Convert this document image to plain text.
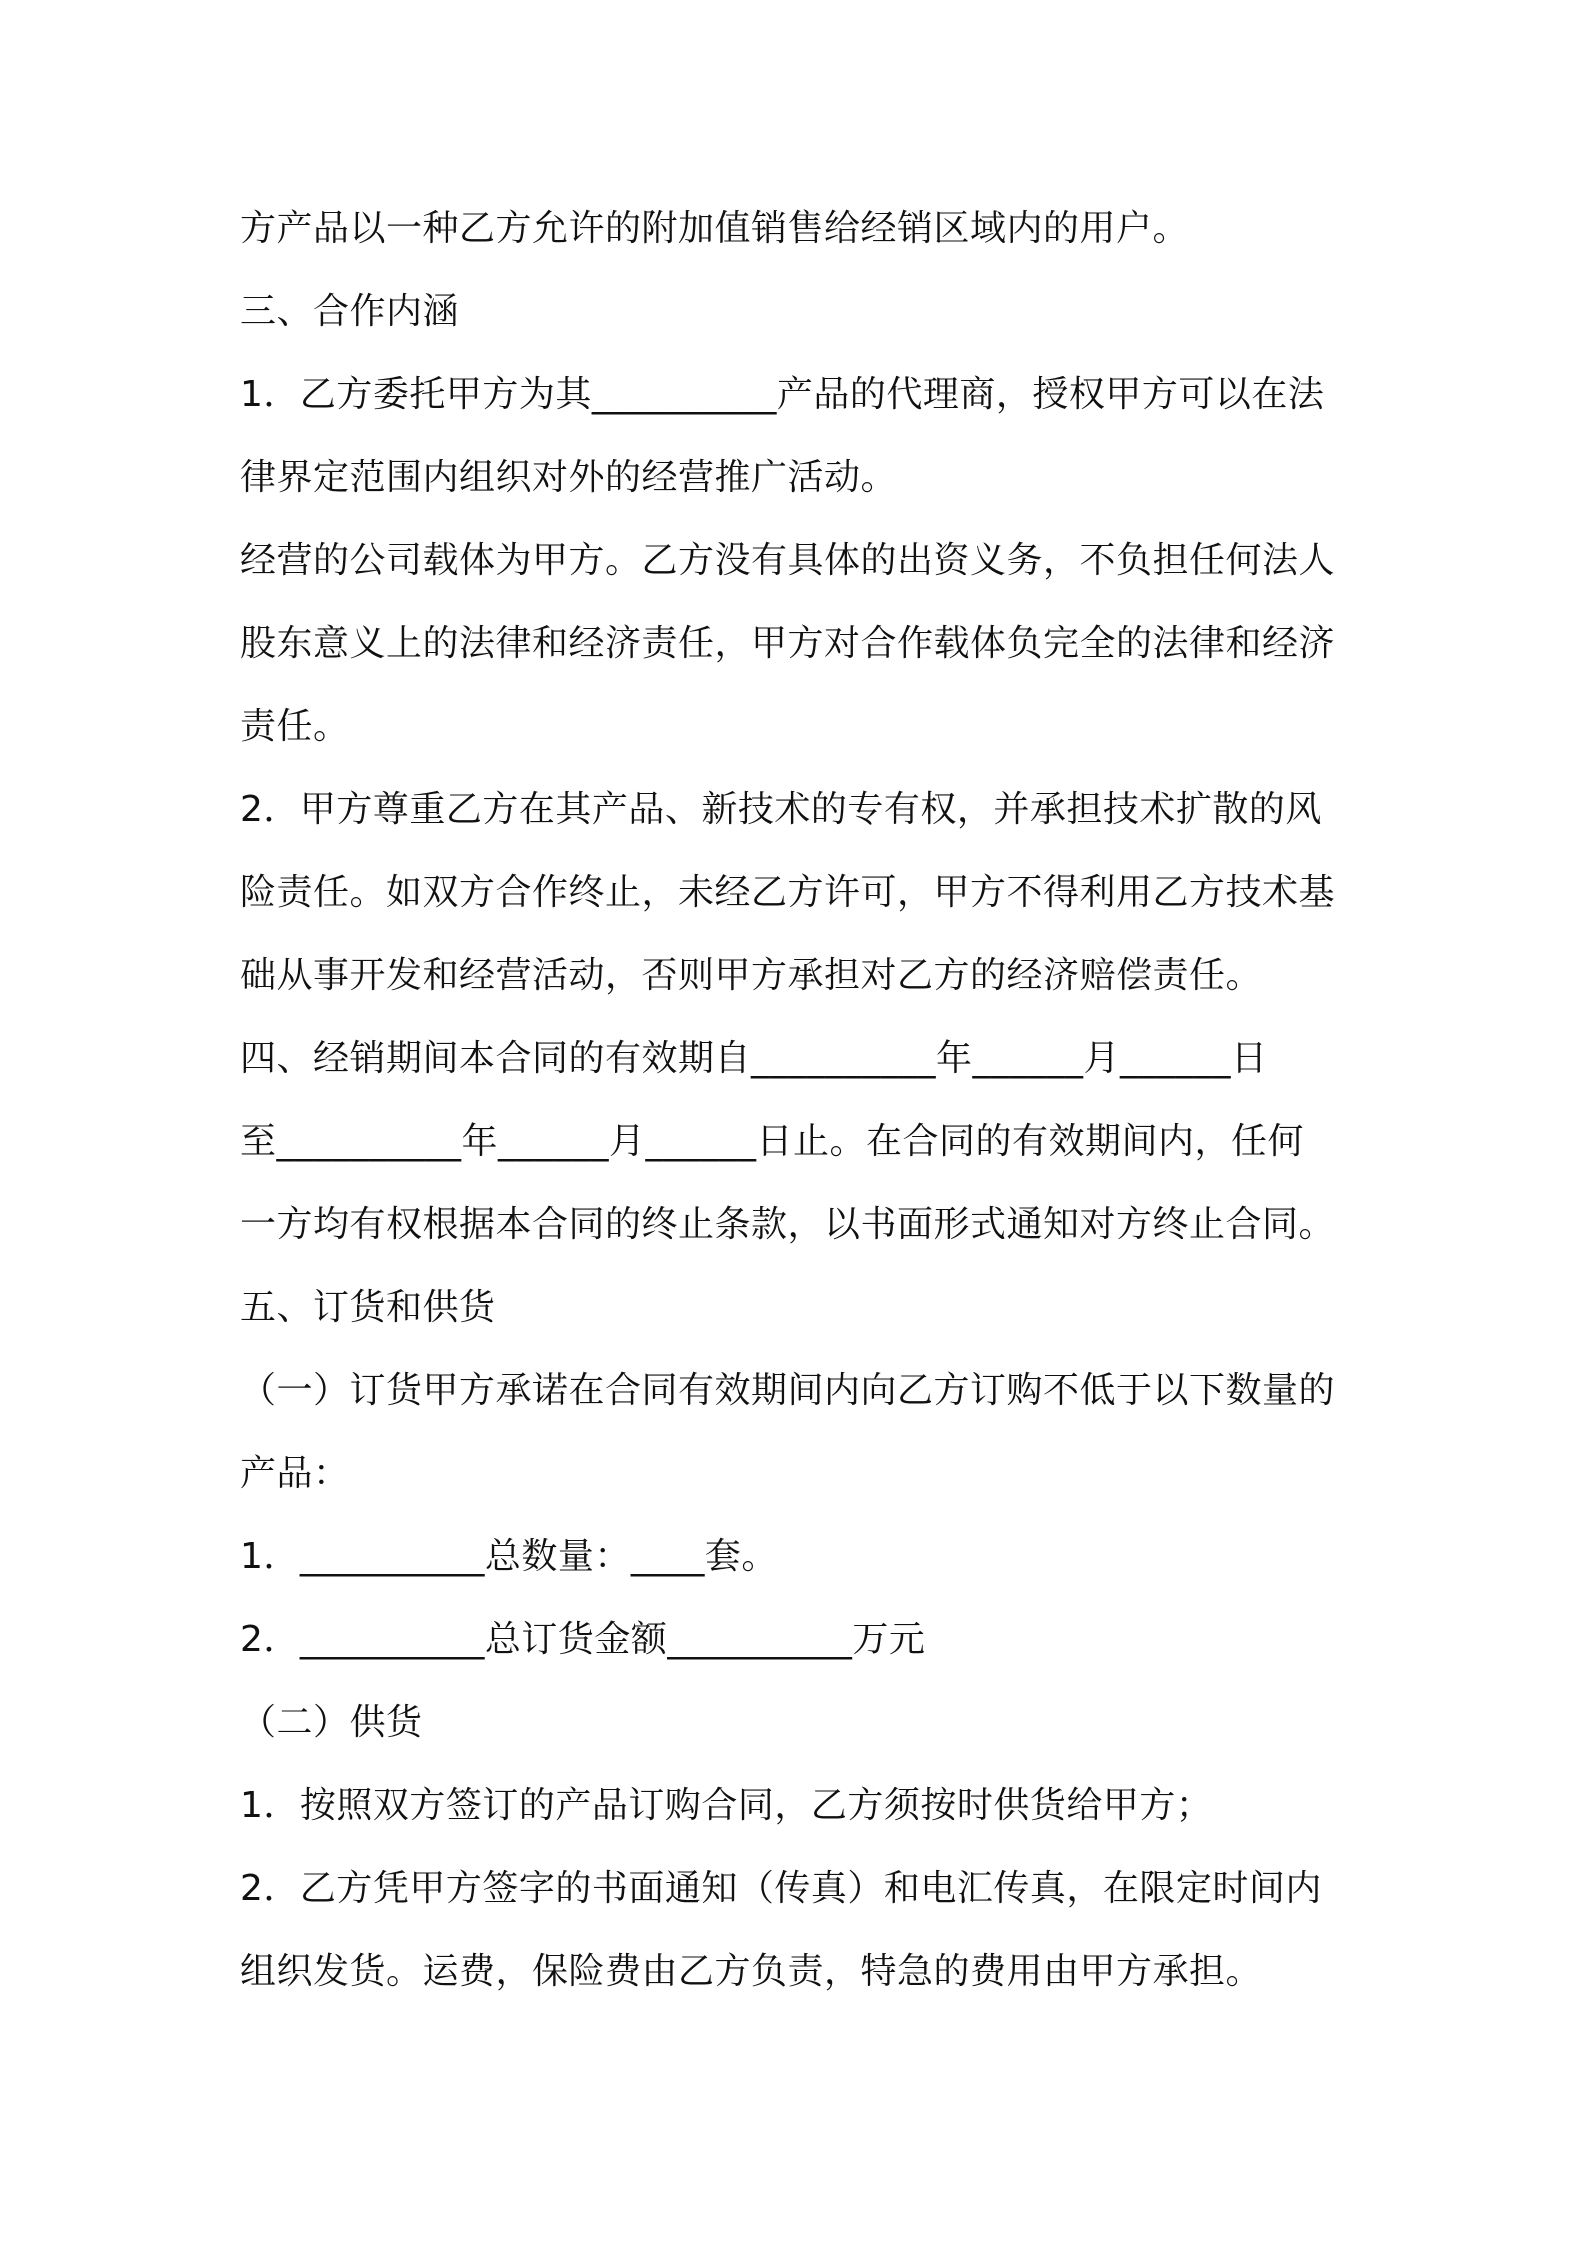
方产品以一种乙方允许的附加值销售给经销区域内的用户。
三、合作内涵
1．乙方委托甲方为其__________产品的代理商，授权甲方可以在法
律界定范围内组织对外的经营推广活动。
经营的公司载体为甲方。乙方没有具体的出资义务，不负担任何法人
股东意义上的法律和经济责任，甲方对合作载体负完全的法律和经济
责任。
2．甲方尊重乙方在其产品、新技术的专有权，并承担技术扩散的风
险责任。如双方合作终止，未经乙方许可，甲方不得利用乙方技术基
础从事开发和经营活动，否则甲方承担对乙方的经济赔偿责任。
四、经销期间本合同的有效期自__________年______月______日
至__________年______月______日止。在合同的有效期间内，任何
一方均有权根据本合同的终止条款，以书面形式通知对方终止合同。
五、订货和供货
（一）订货甲方承诺在合同有效期间内向乙方订购不低于以下数量的
产品：
1．__________总数量：____套。
2．__________总订货金额__________万元
（二）供货
1．按照双方签订的产品订购合同，乙方须按时供货给甲方；
2．乙方凭甲方签字的书面通知（传真）和电汇传真，在限定时间内
组织发货。运费，保险费由乙方负责，特急的费用由甲方承担。
